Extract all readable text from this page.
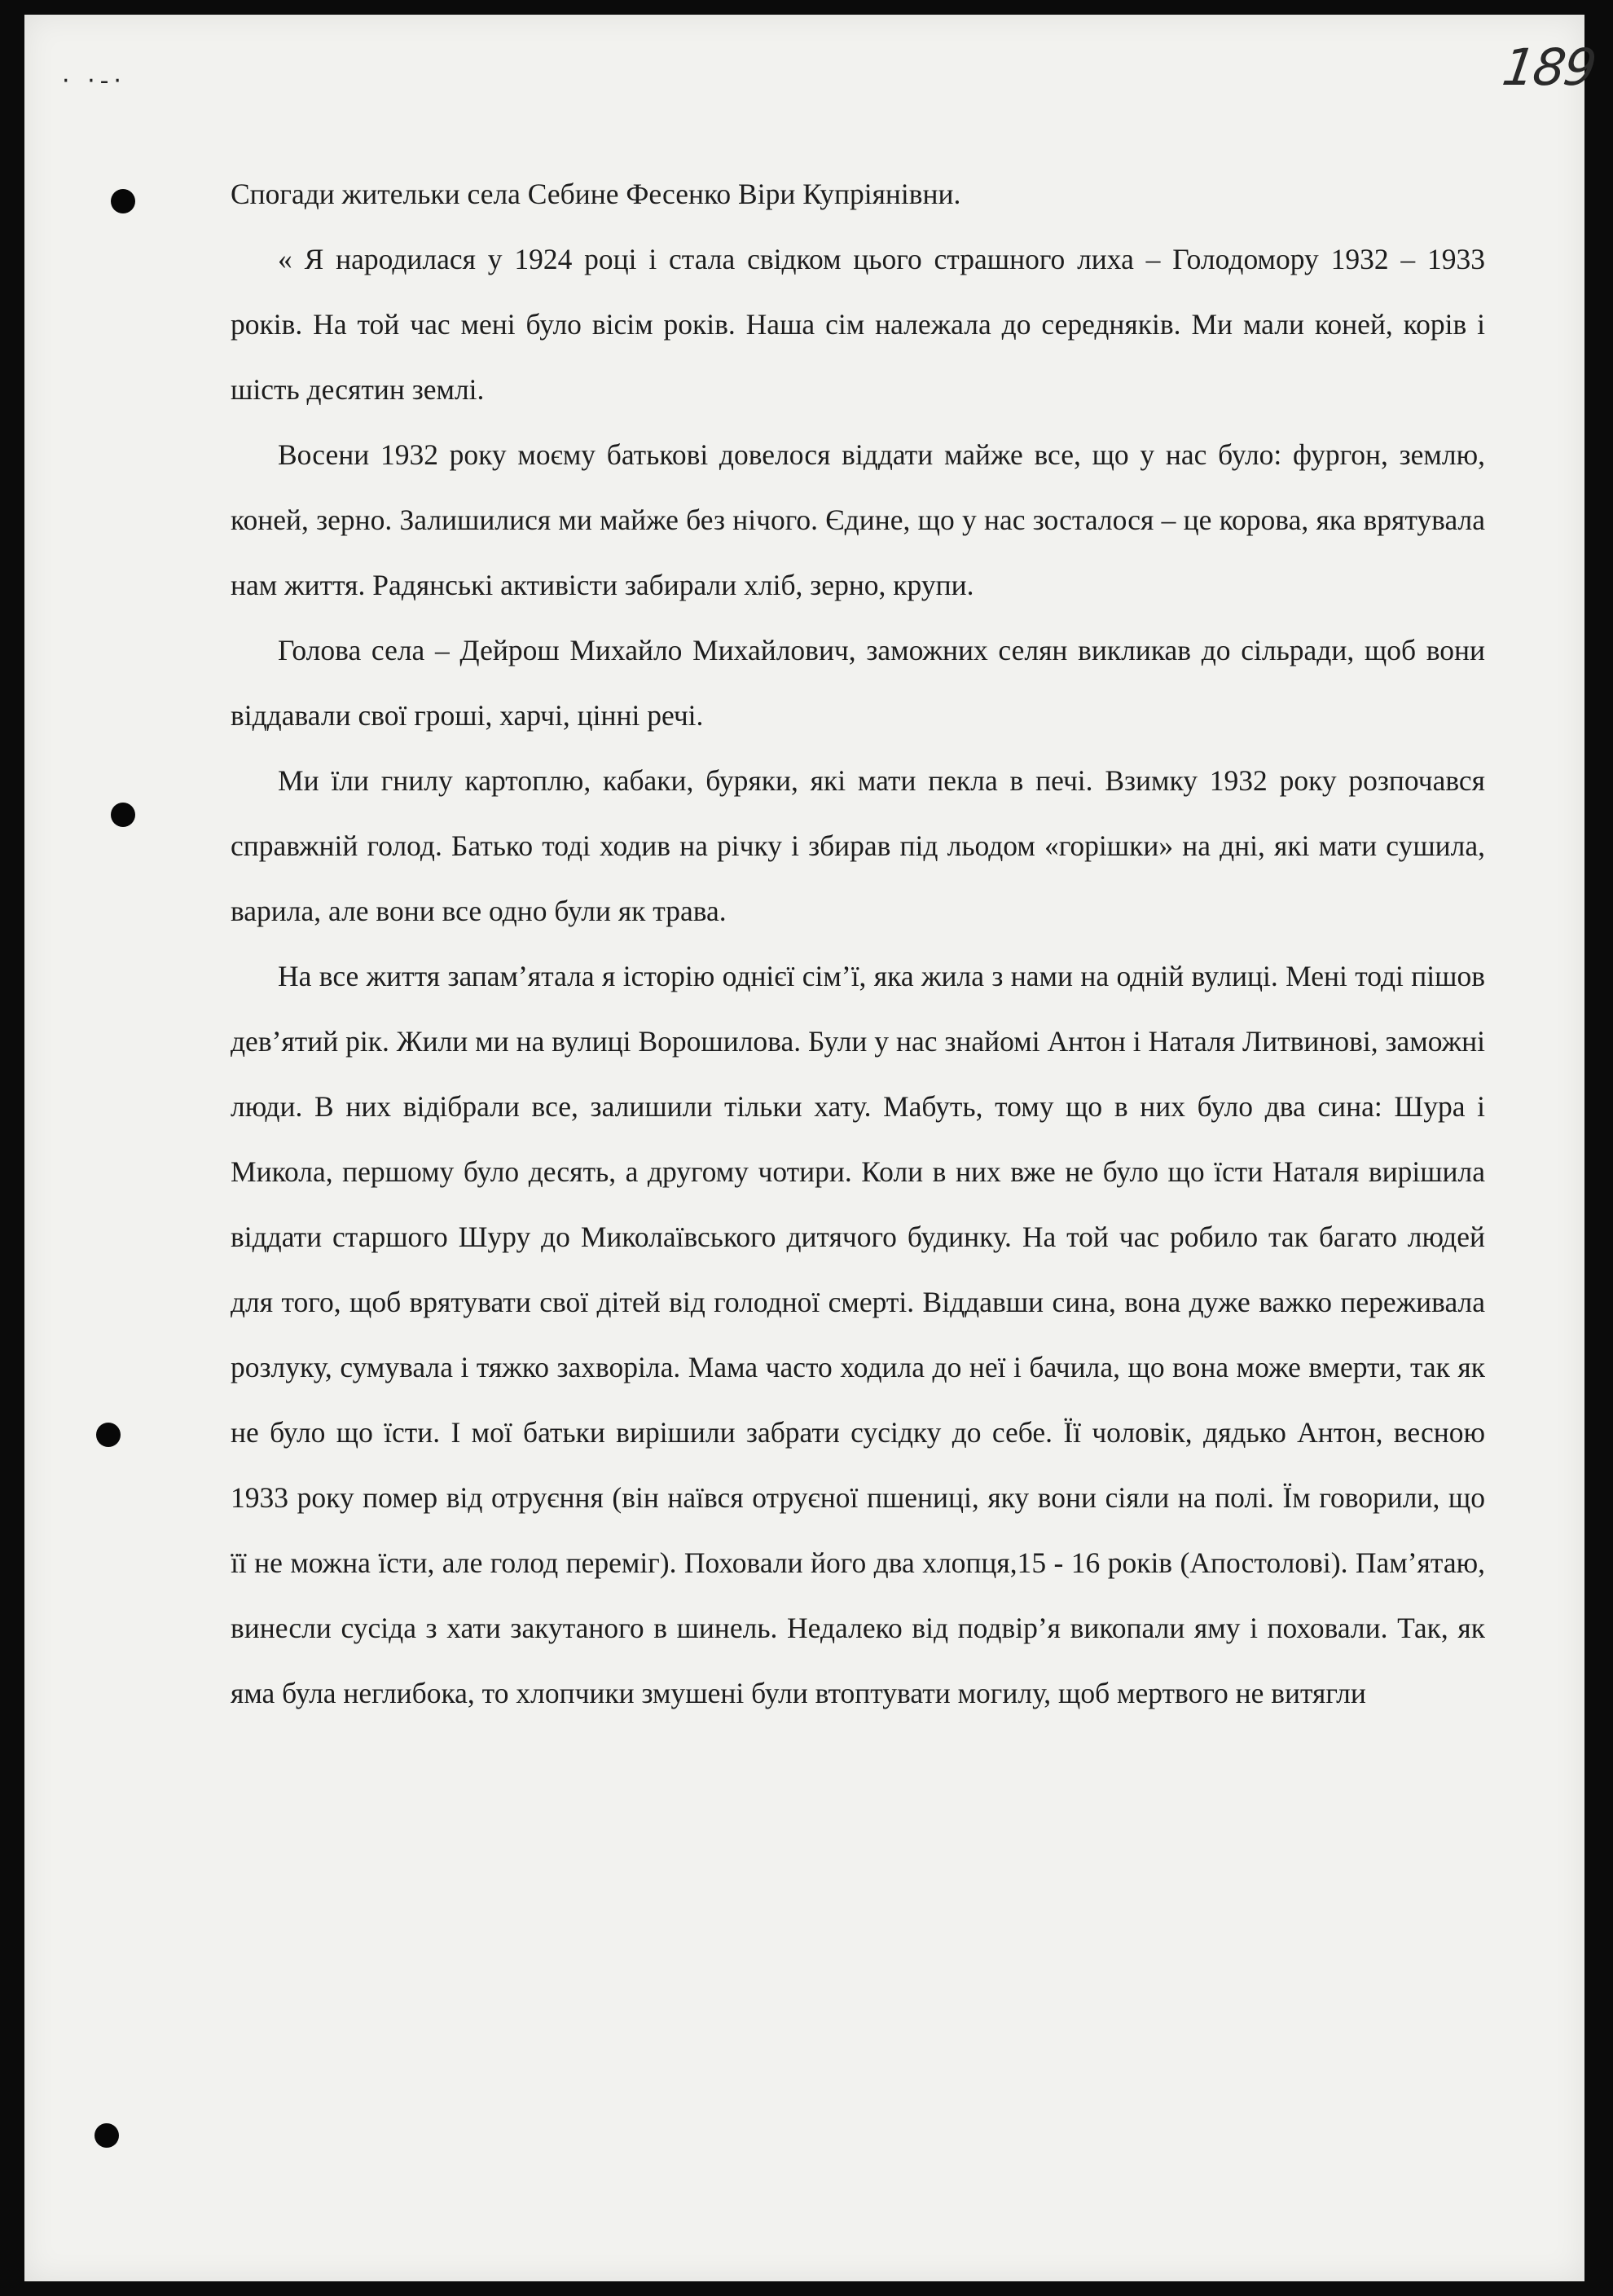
· ·-·	189

Спогади жительки села Себине Фесенко Віри Купріянівни.

« Я народилася у 1924 році і стала свідком цього страшного лиха – Голодомору 1932 – 1933 років. На той час мені було вісім років. Наша сім належала до середняків. Ми мали коней, корів і шість десятин землі.

Восени 1932 року моєму батькові довелося віддати майже все, що у нас було: фургон, землю, коней, зерно. Залишилися ми майже без нічого. Єдине, що у нас зосталося – це корова, яка врятувала нам життя. Радянські активісти забирали хліб, зерно, крупи.

Голова села – Дейрош Михайло Михайлович, заможних селян викликав до сільради, щоб вони віддавали свої гроші, харчі, цінні речі.

Ми їли гнилу картоплю, кабаки, буряки, які мати пекла в печі. Взимку 1932 року розпочався справжній голод. Батько тоді ходив на річку і збирав під льодом «горішки» на дні, які мати сушила, варила, але вони все одно були як трава.

На все життя запам’ятала я історію однієї сім’ї, яка жила з нами на одній вулиці. Мені тоді пішов дев’ятий рік. Жили ми на вулиці Ворошилова. Були у нас знайомі Антон і Наталя Литвинові, заможні люди. В них відібрали все, залишили тільки хату. Мабуть, тому що в них було два сина: Шура і Микола, першому було десять, а другому чотири. Коли в них вже не було що їсти Наталя вирішила віддати старшого Шуру до Миколаївського дитячого будинку. На той час робило так багато людей для того, щоб врятувати свої дітей від голодної смерті. Віддавши сина, вона дуже важко переживала розлуку, сумувала і тяжко захворіла. Мама часто ходила до неї і бачила, що вона може вмерти, так як не було що їсти. І мої батьки вирішили забрати сусідку до себе. Її чоловік, дядько Антон, весною 1933 року помер від отруєння (він наївся отруєної пшениці, яку вони сіяли на полі. Їм говорили, що її не можна їсти, але голод переміг). Поховали його два хлопця,15 - 16 років (Апостолові). Пам’ятаю, винесли сусіда з хати закутаного в шинель. Недалеко від подвір’я викопали яму і поховали. Так, як яма була неглибока, то хлопчики змушені були втоптувати могилу, щоб мертвого не витягли
